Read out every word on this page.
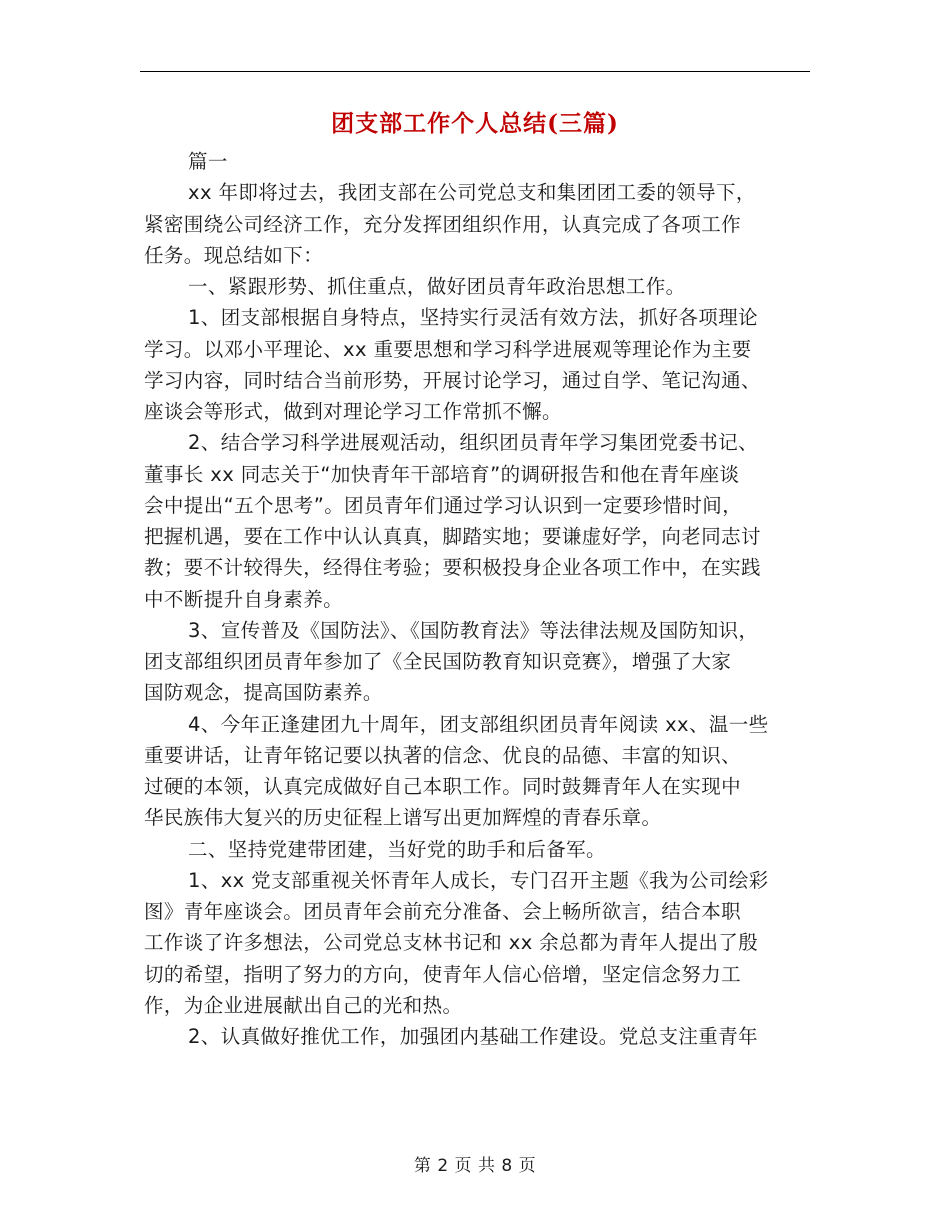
团支部工作个人总结(三篇)
篇一
xx 年即将过去，我团支部在公司党总支和集团团工委的领导下，
紧密围绕公司经济工作，充分发挥团组织作用，认真完成了各项工作
任务。现总结如下：
一、紧跟形势、抓住重点，做好团员青年政治思想工作。
1、团支部根据自身特点，坚持实行灵活有效方法，抓好各项理论
学习。以邓小平理论、xx 重要思想和学习科学进展观等理论作为主要
学习内容，同时结合当前形势，开展讨论学习，通过自学、笔记沟通、
座谈会等形式，做到对理论学习工作常抓不懈。
2、结合学习科学进展观活动，组织团员青年学习集团党委书记、
董事长 xx 同志关于“加快青年干部培育”的调研报告和他在青年座谈
会中提出“五个思考”。团员青年们通过学习认识到一定要珍惜时间，
把握机遇，要在工作中认认真真，脚踏实地；要谦虚好学，向老同志讨
教；要不计较得失，经得住考验；要积极投身企业各项工作中，在实践
中不断提升自身素养。
3、宣传普及《国防法》、《国防教育法》等法律法规及国防知识，
团支部组织团员青年参加了《全民国防教育知识竞赛》，增强了大家
国防观念，提高国防素养。
4、今年正逢建团九十周年，团支部组织团员青年阅读 xx、温一些
重要讲话，让青年铭记要以执著的信念、优良的品德、丰富的知识、
过硬的本领，认真完成做好自己本职工作。同时鼓舞青年人在实现中
华民族伟大复兴的历史征程上谱写出更加辉煌的青春乐章。
二、坚持党建带团建，当好党的助手和后备军。
1、xx 党支部重视关怀青年人成长，专门召开主题《我为公司绘彩
图》青年座谈会。团员青年会前充分准备、会上畅所欲言，结合本职
工作谈了许多想法，公司党总支林书记和 xx 余总都为青年人提出了殷
切的希望，指明了努力的方向，使青年人信心倍增，坚定信念努力工
作，为企业进展献出自己的光和热。
2、认真做好推优工作，加强团内基础工作建设。党总支注重青年
第 2 页 共 8 页
